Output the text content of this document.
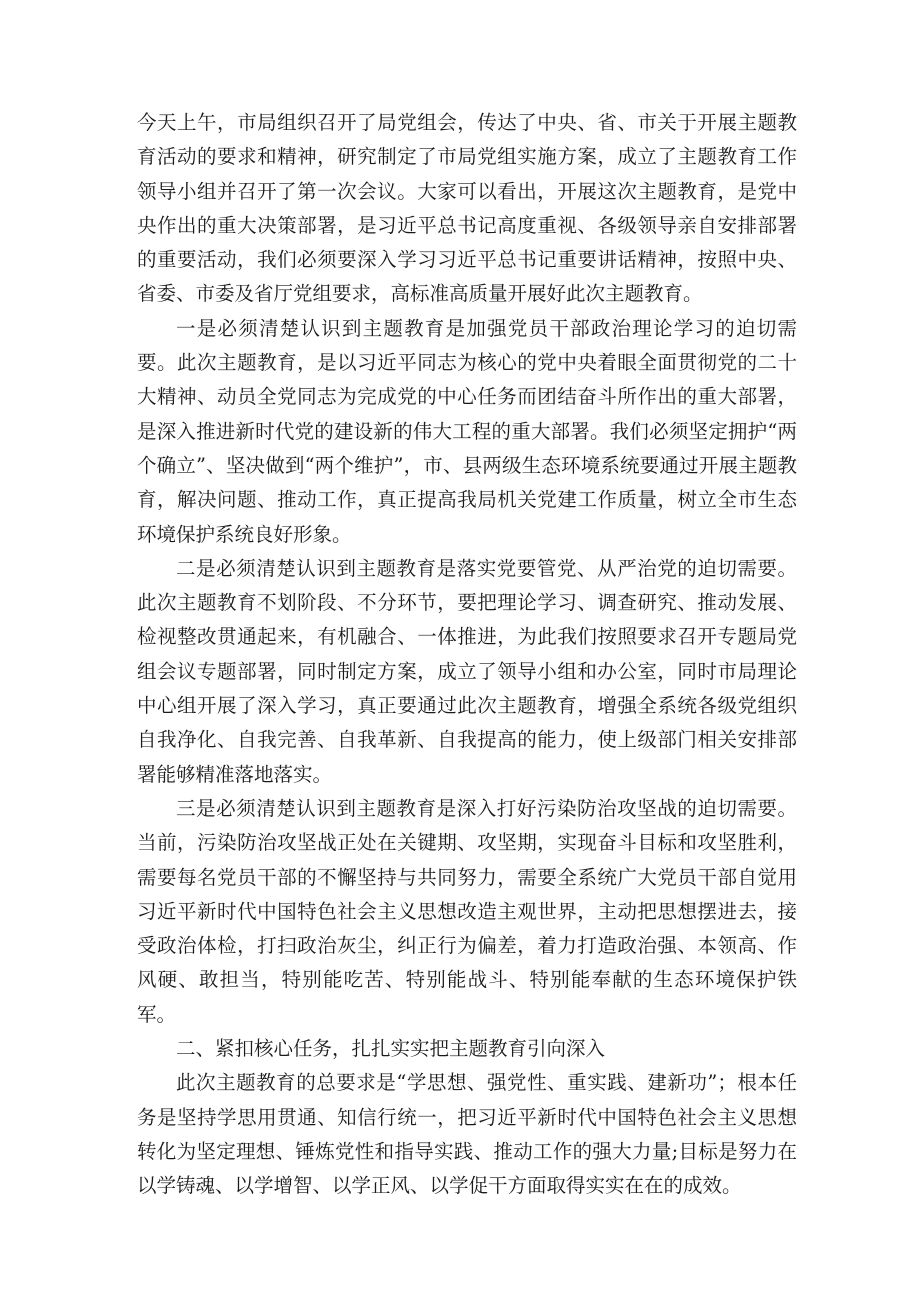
今天上午，市局组织召开了局党组会，传达了中央、省、市关于开展主题教育活动的要求和精神，研究制定了市局党组实施方案，成立了主题教育工作领导小组并召开了第一次会议。大家可以看出，开展这次主题教育，是党中央作出的重大决策部署，是习近平总书记高度重视、各级领导亲自安排部署的重要活动，我们必须要深入学习习近平总书记重要讲话精神，按照中央、省委、市委及省厅党组要求，高标准高质量开展好此次主题教育。

一是必须清楚认识到主题教育是加强党员干部政治理论学习的迫切需要。此次主题教育，是以习近平同志为核心的党中央着眼全面贯彻党的二十大精神、动员全党同志为完成党的中心任务而团结奋斗所作出的重大部署，是深入推进新时代党的建设新的伟大工程的重大部署。我们必须坚定拥护“两个确立”、坚决做到“两个维护”，市、县两级生态环境系统要通过开展主题教育，解决问题、推动工作，真正提高我局机关党建工作质量，树立全市生态环境保护系统良好形象。

二是必须清楚认识到主题教育是落实党要管党、从严治党的迫切需要。此次主题教育不划阶段、不分环节，要把理论学习、调查研究、推动发展、检视整改贯通起来，有机融合、一体推进，为此我们按照要求召开专题局党组会议专题部署，同时制定方案，成立了领导小组和办公室，同时市局理论中心组开展了深入学习，真正要通过此次主题教育，增强全系统各级党组织自我净化、自我完善、自我革新、自我提高的能力，使上级部门相关安排部署能够精准落地落实。

三是必须清楚认识到主题教育是深入打好污染防治攻坚战的迫切需要。当前，污染防治攻坚战正处在关键期、攻坚期，实现奋斗目标和攻坚胜利，需要每名党员干部的不懈坚持与共同努力，需要全系统广大党员干部自觉用习近平新时代中国特色社会主义思想改造主观世界，主动把思想摆进去，接受政治体检，打扫政治灰尘，纠正行为偏差，着力打造政治强、本领高、作风硬、敢担当，特别能吃苦、特别能战斗、特别能奉献的生态环境保护铁军。

二、紧扣核心任务，扎扎实实把主题教育引向深入

此次主题教育的总要求是“学思想、强党性、重实践、建新功”；根本任务是坚持学思用贯通、知信行统一，把习近平新时代中国特色社会主义思想转化为坚定理想、锤炼党性和指导实践、推动工作的强大力量;目标是努力在以学铸魂、以学增智、以学正风、以学促干方面取得实实在在的成效。
